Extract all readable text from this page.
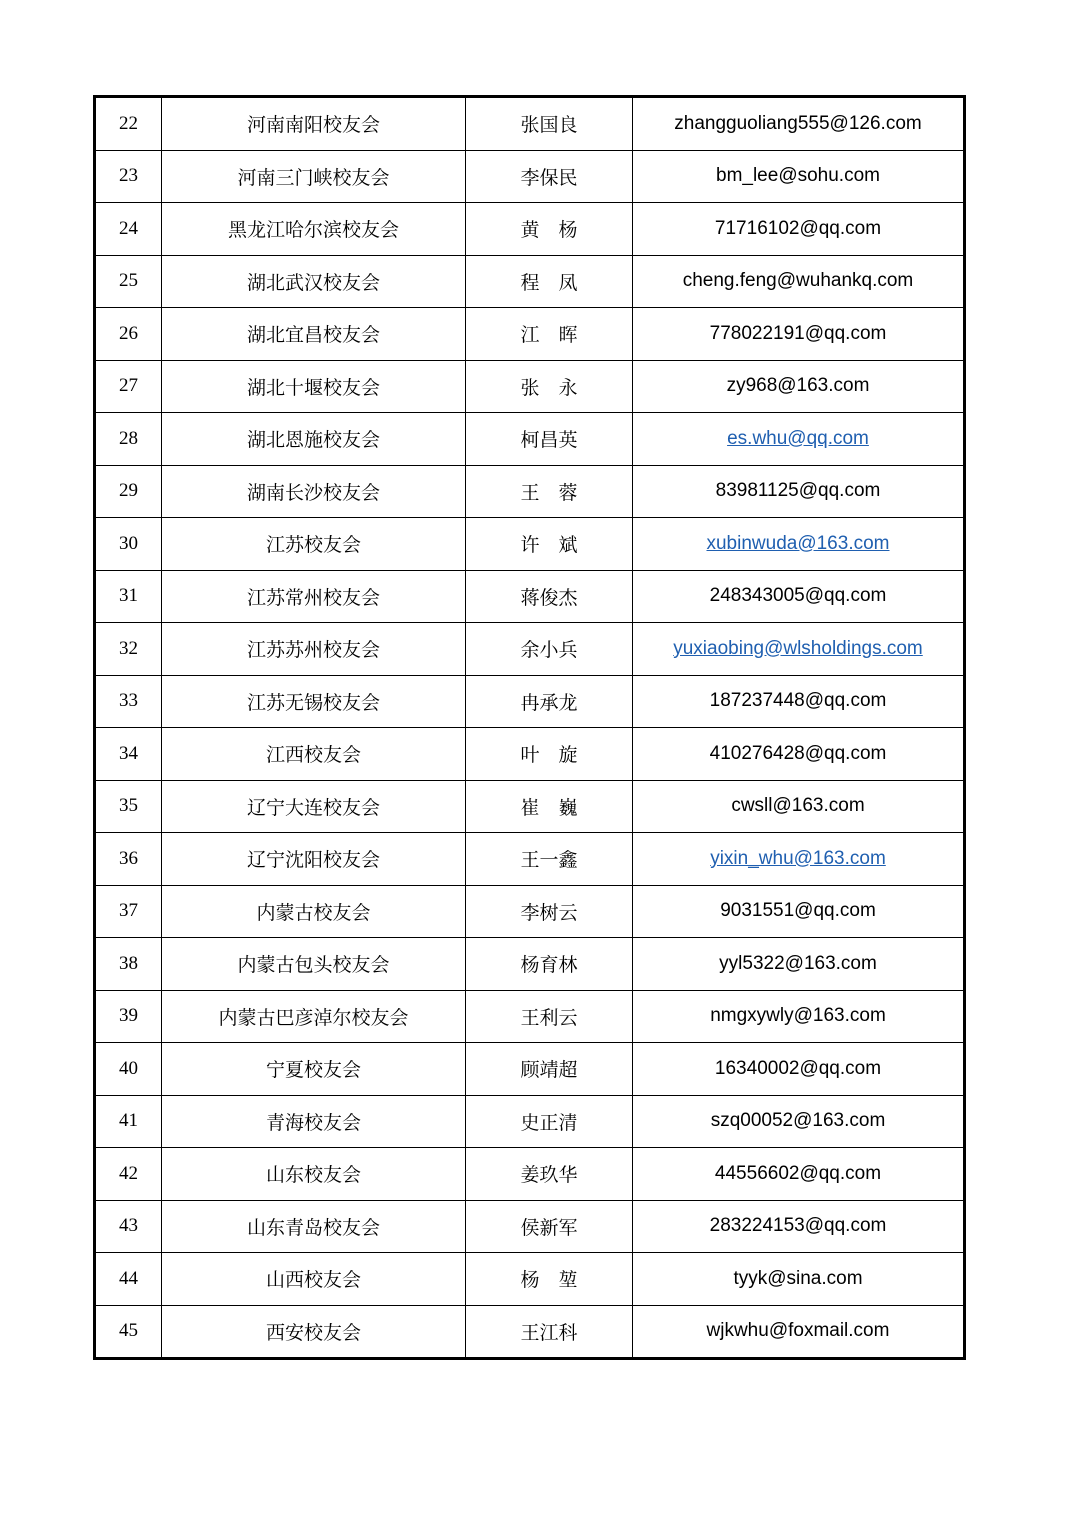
22	河南南阳校友会	张国良	zhangguoliang555@126.com
23	河南三门峡校友会	李保民	bm_lee@sohu.com
24	黑龙江哈尔滨校友会	黄　杨	71716102@qq.com
25	湖北武汉校友会	程　凤	cheng.feng@wuhankq.com
26	湖北宜昌校友会	江　晖	778022191@qq.com
27	湖北十堰校友会	张　永	zy968@163.com
28	湖北恩施校友会	柯昌英	es.whu@qq.com
29	湖南长沙校友会	王　蓉	83981125@qq.com
30	江苏校友会	许　斌	xubinwuda@163.com
31	江苏常州校友会	蒋俊杰	248343005@qq.com
32	江苏苏州校友会	余小兵	yuxiaobing@wlsholdings.com
33	江苏无锡校友会	冉承龙	187237448@qq.com
34	江西校友会	叶　旋	410276428@qq.com
35	辽宁大连校友会	崔　巍	cwsll@163.com
36	辽宁沈阳校友会	王一鑫	yixin_whu@163.com
37	内蒙古校友会	李树云	9031551@qq.com
38	内蒙古包头校友会	杨育林	yyl5322@163.com
39	内蒙古巴彦淖尔校友会	王利云	nmgxywly@163.com
40	宁夏校友会	顾靖超	16340002@qq.com
41	青海校友会	史正清	szq00052@163.com
42	山东校友会	姜玖华	44556602@qq.com
43	山东青岛校友会	侯新军	283224153@qq.com
44	山西校友会	杨　堃	tyyk@sina.com
45	西安校友会	王江科	wjkwhu@foxmail.com
